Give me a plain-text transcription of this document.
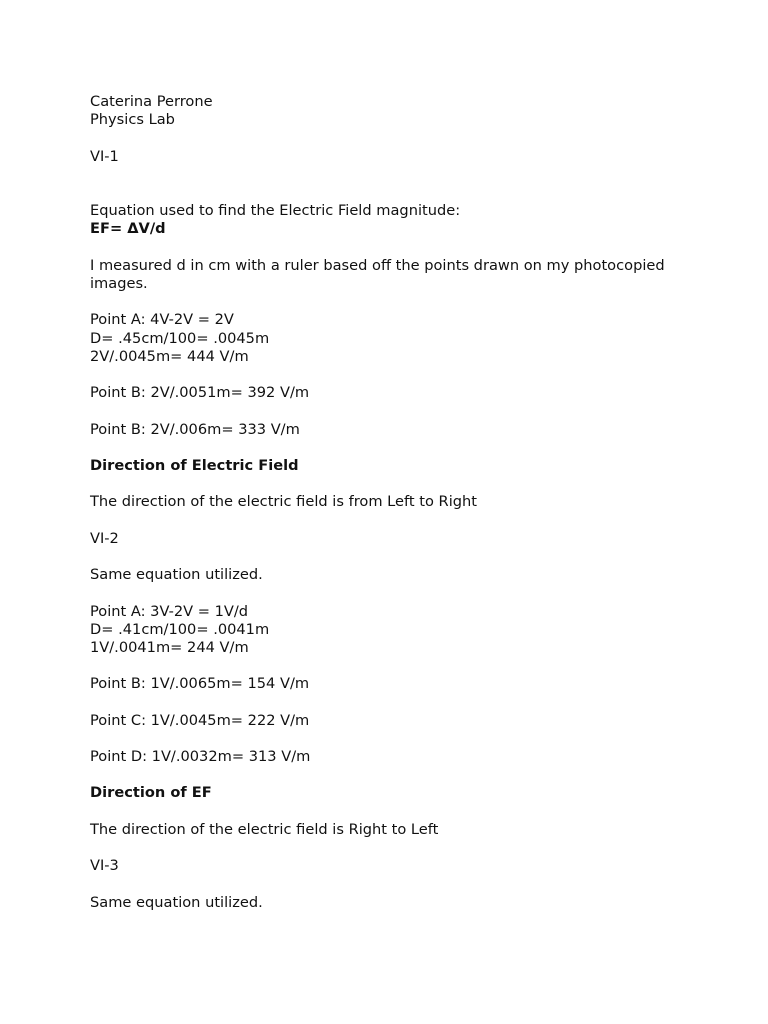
Caterina Perrone
Physics Lab
VI-1
Equation used to find the Electric Field magnitude:
EF= ΔV/d
I measured d in cm with a ruler based off the points drawn on my photocopied images.
Point A: 4V-2V = 2V
D= .45cm/100= .0045m
2V/.0045m= 444 V/m
Point B: 2V/.0051m= 392 V/m
Point B: 2V/.006m= 333 V/m
Direction of Electric Field
The direction of the electric field is from Left to Right
VI-2
Same equation utilized.
Point A: 3V-2V = 1V/d
D= .41cm/100= .0041m
1V/.0041m= 244 V/m
Point B: 1V/.0065m= 154 V/m
Point C: 1V/.0045m= 222 V/m
Point D: 1V/.0032m= 313 V/m
Direction of EF
The direction of the electric field is Right to Left
VI-3
Same equation utilized.
